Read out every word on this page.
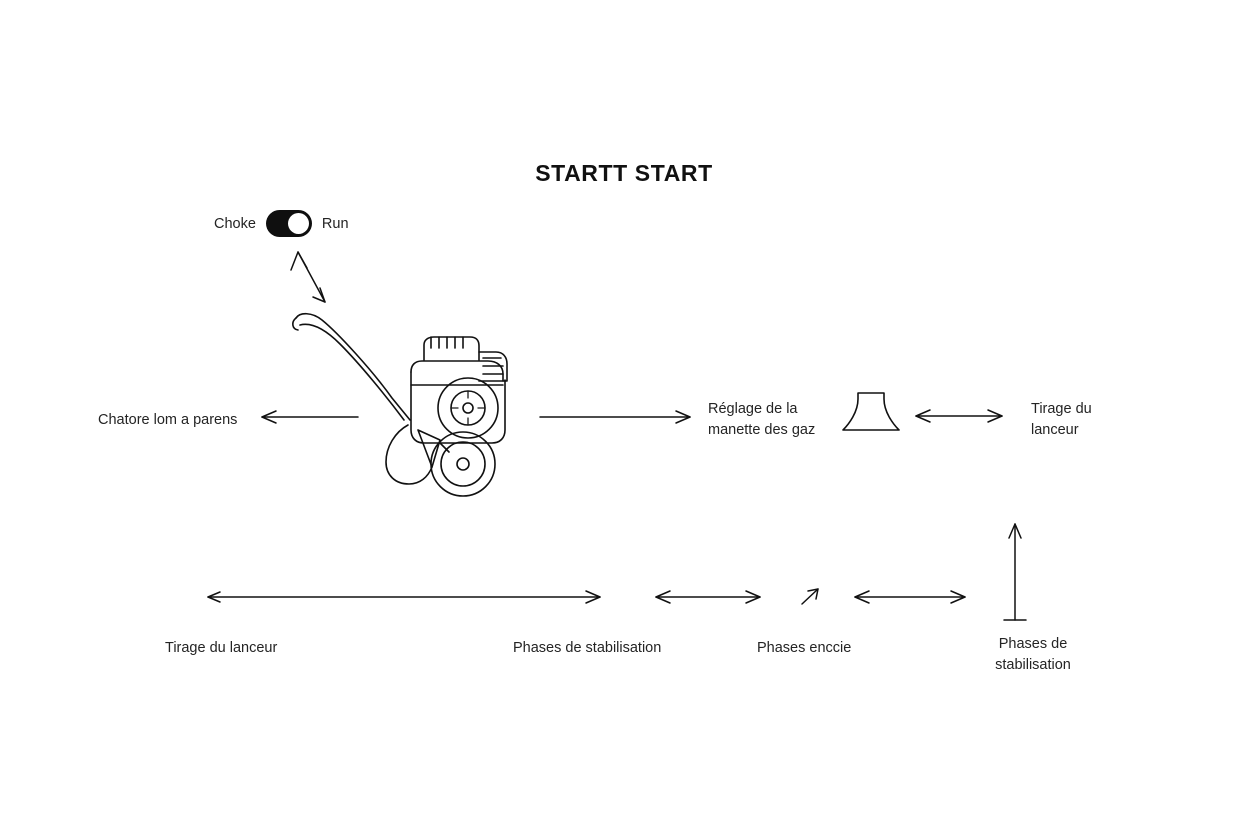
STARTT START
Choke	Run
Chatore lom a parens
Réglage de la
manette des gaz
Tirage du
lanceur
Tirage du lanceur	Phases de stabilisation	Phases enccie	Phases de
stabilisation
